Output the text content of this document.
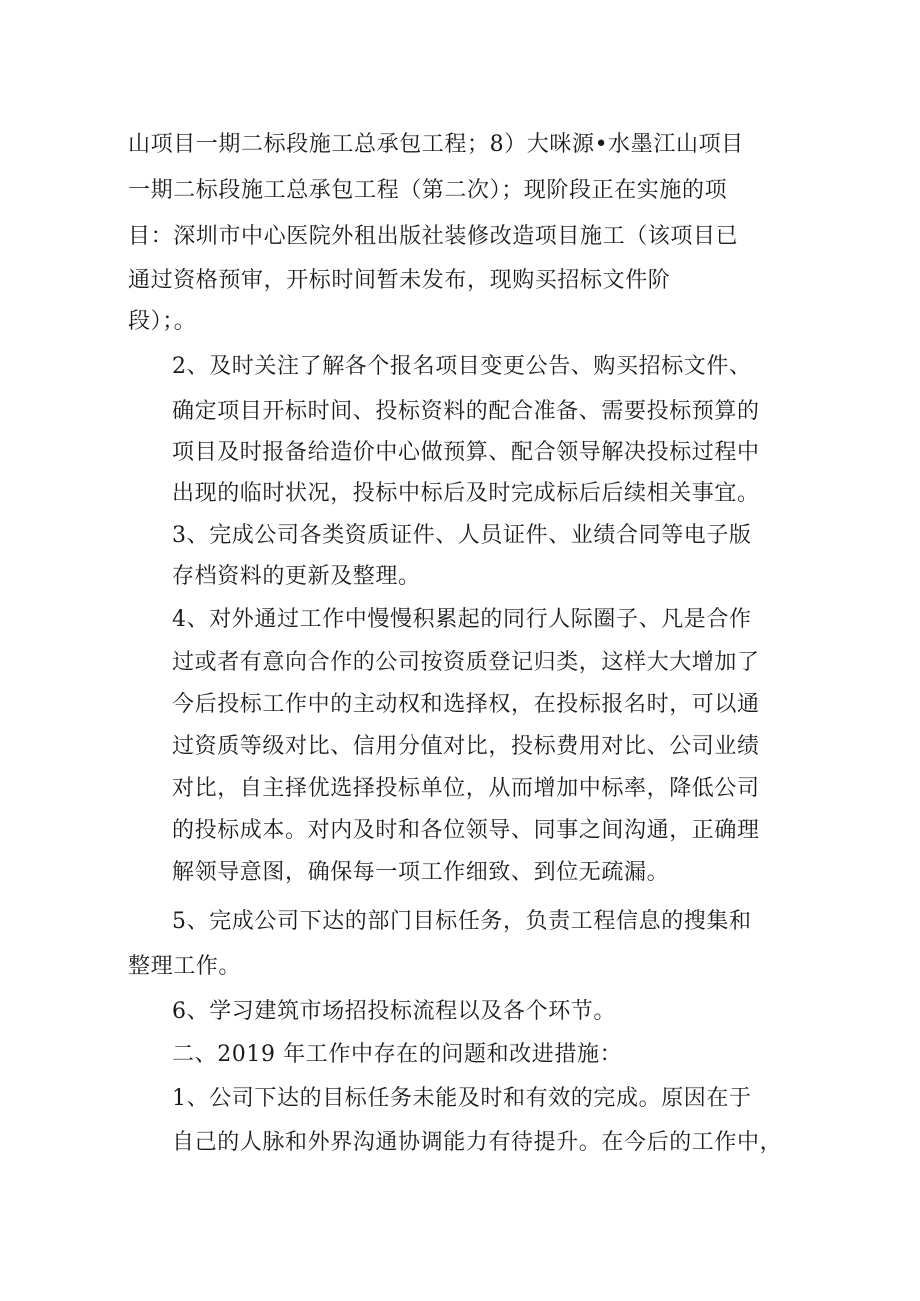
山项目一期二标段施工总承包工程；8）大咪源•水墨江山项目
一期二标段施工总承包工程（第二次）；现阶段正在实施的项
目：深圳市中心医院外租出版社装修改造项目施工（该项目已
通过资格预审，开标时间暂未发布，现购买招标文件阶
段）；。
2、及时关注了解各个报名项目变更公告、购买招标文件、
确定项目开标时间、投标资料的配合准备、需要投标预算的
项目及时报备给造价中心做预算、配合领导解决投标过程中
出现的临时状况，投标中标后及时完成标后后续相关事宜。
3、完成公司各类资质证件、人员证件、业绩合同等电子版
存档资料的更新及整理。
4、对外通过工作中慢慢积累起的同行人际圈子、凡是合作
过或者有意向合作的公司按资质登记归类，这样大大增加了
今后投标工作中的主动权和选择权，在投标报名时，可以通
过资质等级对比、信用分值对比，投标费用对比、公司业绩
对比，自主择优选择投标单位，从而增加中标率，降低公司
的投标成本。对内及时和各位领导、同事之间沟通，正确理
解领导意图，确保每一项工作细致、到位无疏漏。
5、完成公司下达的部门目标任务，负责工程信息的搜集和
整理工作。
6、学习建筑市场招投标流程以及各个环节。
二、2019 年工作中存在的问题和改进措施：
1、公司下达的目标任务未能及时和有效的完成。原因在于
自己的人脉和外界沟通协调能力有待提升。在今后的工作中，
